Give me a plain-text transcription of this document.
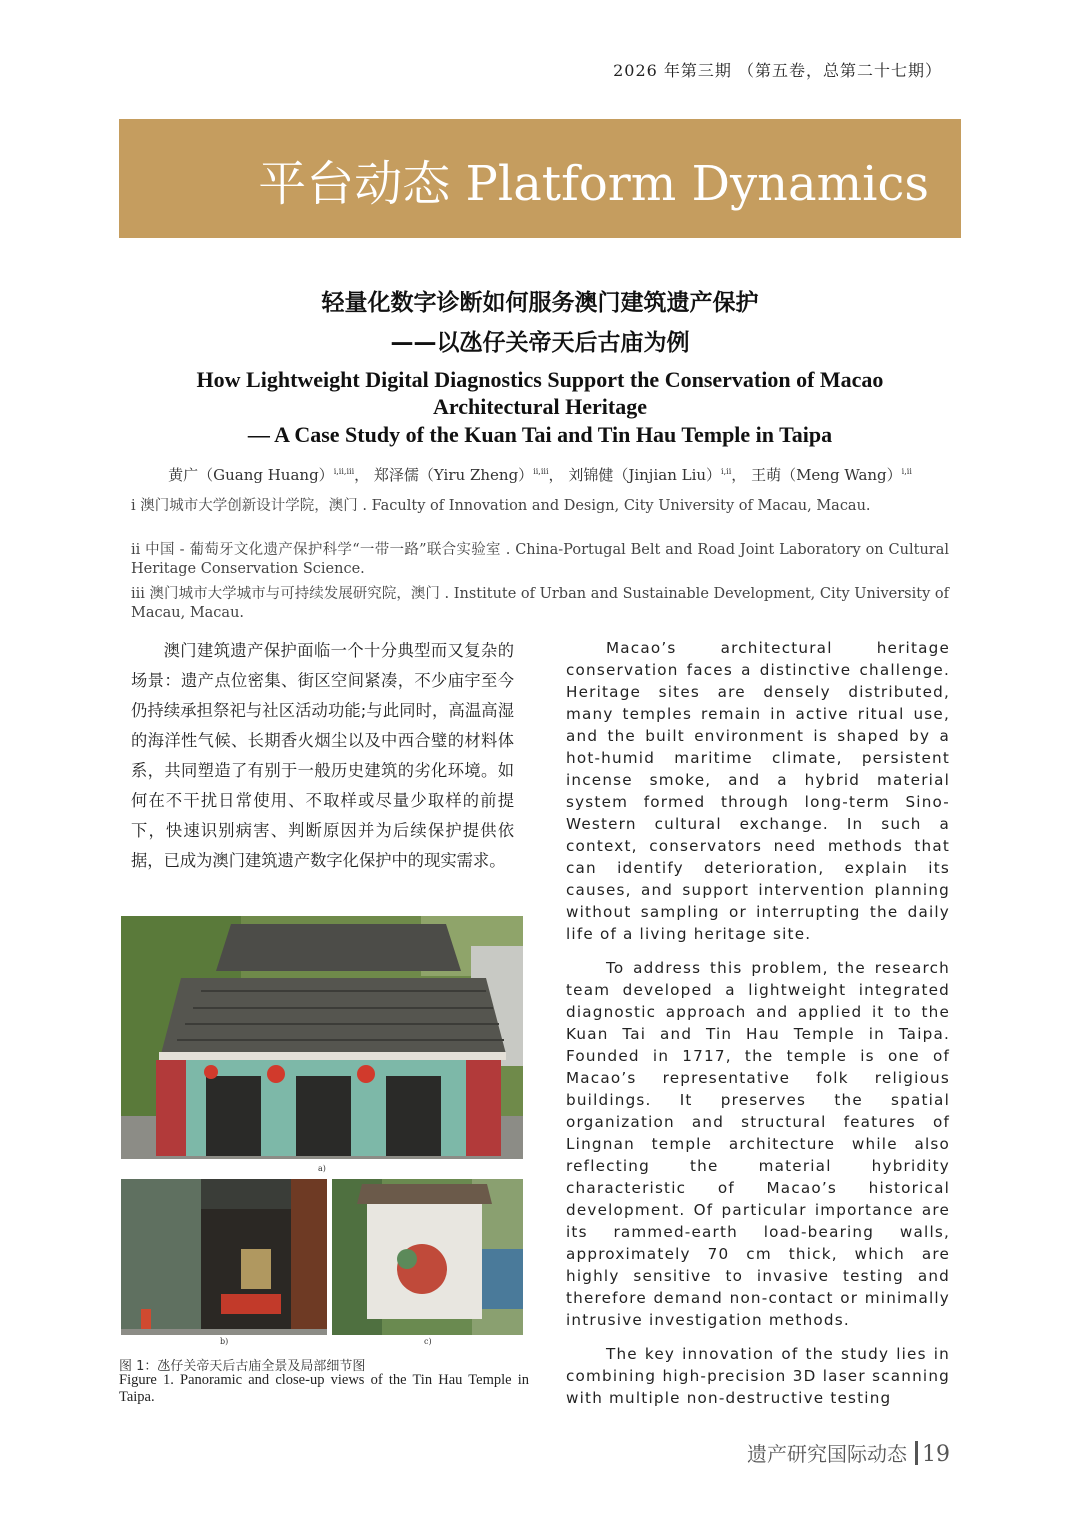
2026 年第三期 （第五卷，总第二十七期）
平台动态 Platform Dynamics
轻量化数字诊断如何服务澳门建筑遗产保护
——以氹仔关帝天后古庙为例
How Lightweight Digital Diagnostics Support the Conservation of Macao
Architectural Heritage
— A Case Study of the Kuan Tai and Tin Hau Temple in Taipa
黄广（Guang Huang）$^{i,ii,iii}$， 郑泽儒（Yiru Zheng）$^{ii,iii}$， 刘锦健（Jinjian Liu）$^{i,ii}$， 王萌（Meng Wang）$^{i,ii}$
i 澳门城市大学创新设计学院，澳门 . Faculty of Innovation and Design, City University of Macau, Macau.
ii 中国 - 葡萄牙文化遗产保护科学“一带一路”联合实验室 . China-Portugal Belt and Road Joint Laboratory on Cultural Heritage Conservation Science.
iii 澳门城市大学城市与可持续发展研究院，澳门 . Institute of Urban and Sustainable Development, City University of Macau, Macau.

澳门建筑遗产保护面临一个十分典型而又复杂的场景：遗产点位密集、街区空间紧凑，不少庙宇至今仍持续承担祭祀与社区活动功能;与此同时，高温高湿的海洋性气候、长期香火烟尘以及中西合璧的材料体系，共同塑造了有别于一般历史建筑的劣化环境。如何在不干扰日常使用、不取样或尽量少取样的前提下，快速识别病害、判断原因并为后续保护提供依据，已成为澳门建筑遗产数字化保护中的现实需求。

Macao’s architectural heritage conservation faces a distinctive challenge. Heritage sites are densely distributed, many temples remain in active ritual use, and the built environment is shaped by a hot-humid maritime climate, persistent incense smoke, and a hybrid material system formed through long-term Sino-Western cultural exchange. In such a context, conservators need methods that can identify deterioration, explain its causes, and support intervention planning without sampling or interrupting the daily life of a living heritage site.

To address this problem, the research team developed a lightweight integrated diagnostic approach and applied it to the Kuan Tai and Tin Hau Temple in Taipa. Founded in 1717, the temple is one of Macao’s representative folk religious buildings. It preserves the spatial organization and structural features of Lingnan temple architecture while also reflecting the material hybridity characteristic of Macao’s historical development. Of particular importance are its rammed-earth load-bearing walls, approximately 70 cm thick, which are highly sensitive to invasive testing and therefore demand non-contact or minimally intrusive investigation methods.

The key innovation of the study lies in combining high-precision 3D laser scanning with multiple non-destructive testing

a)
b)	c)
图 1：氹仔关帝天后古庙全景及局部细节图
Figure 1. Panoramic and close-up views of the Tin Hau Temple in Taipa.
遗产研究国际动态 19
